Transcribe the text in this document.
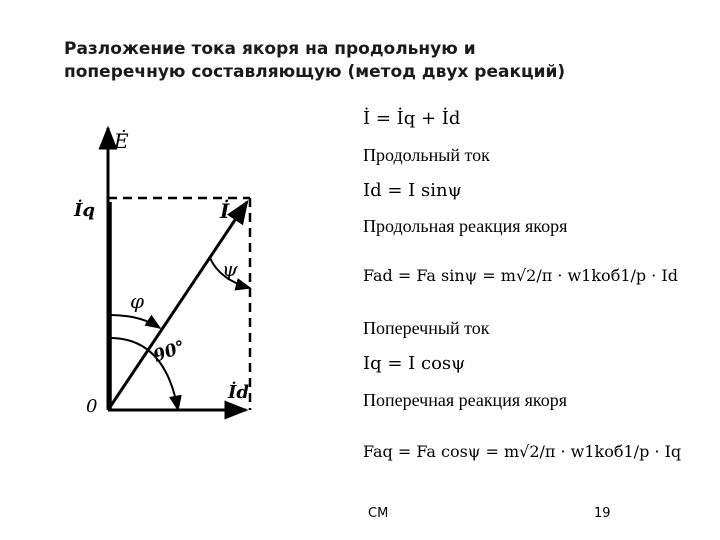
Разложение тока якоря на продольную и
поперечную составляющую (метод двух реакций)
Ė
İq	İ
ψ
φ
90°
İd
0
İ = İq + İd
Продольный ток
Id = I sinψ
Продольная реакция якоря
Fad = Fa sinψ = m√2/π · w1kоб1/p · Id
Поперечный ток
Iq = I cosψ
Поперечная реакция якоря
Faq = Fa cosψ = m√2/π · w1kоб1/p · Iq
СМ	19
